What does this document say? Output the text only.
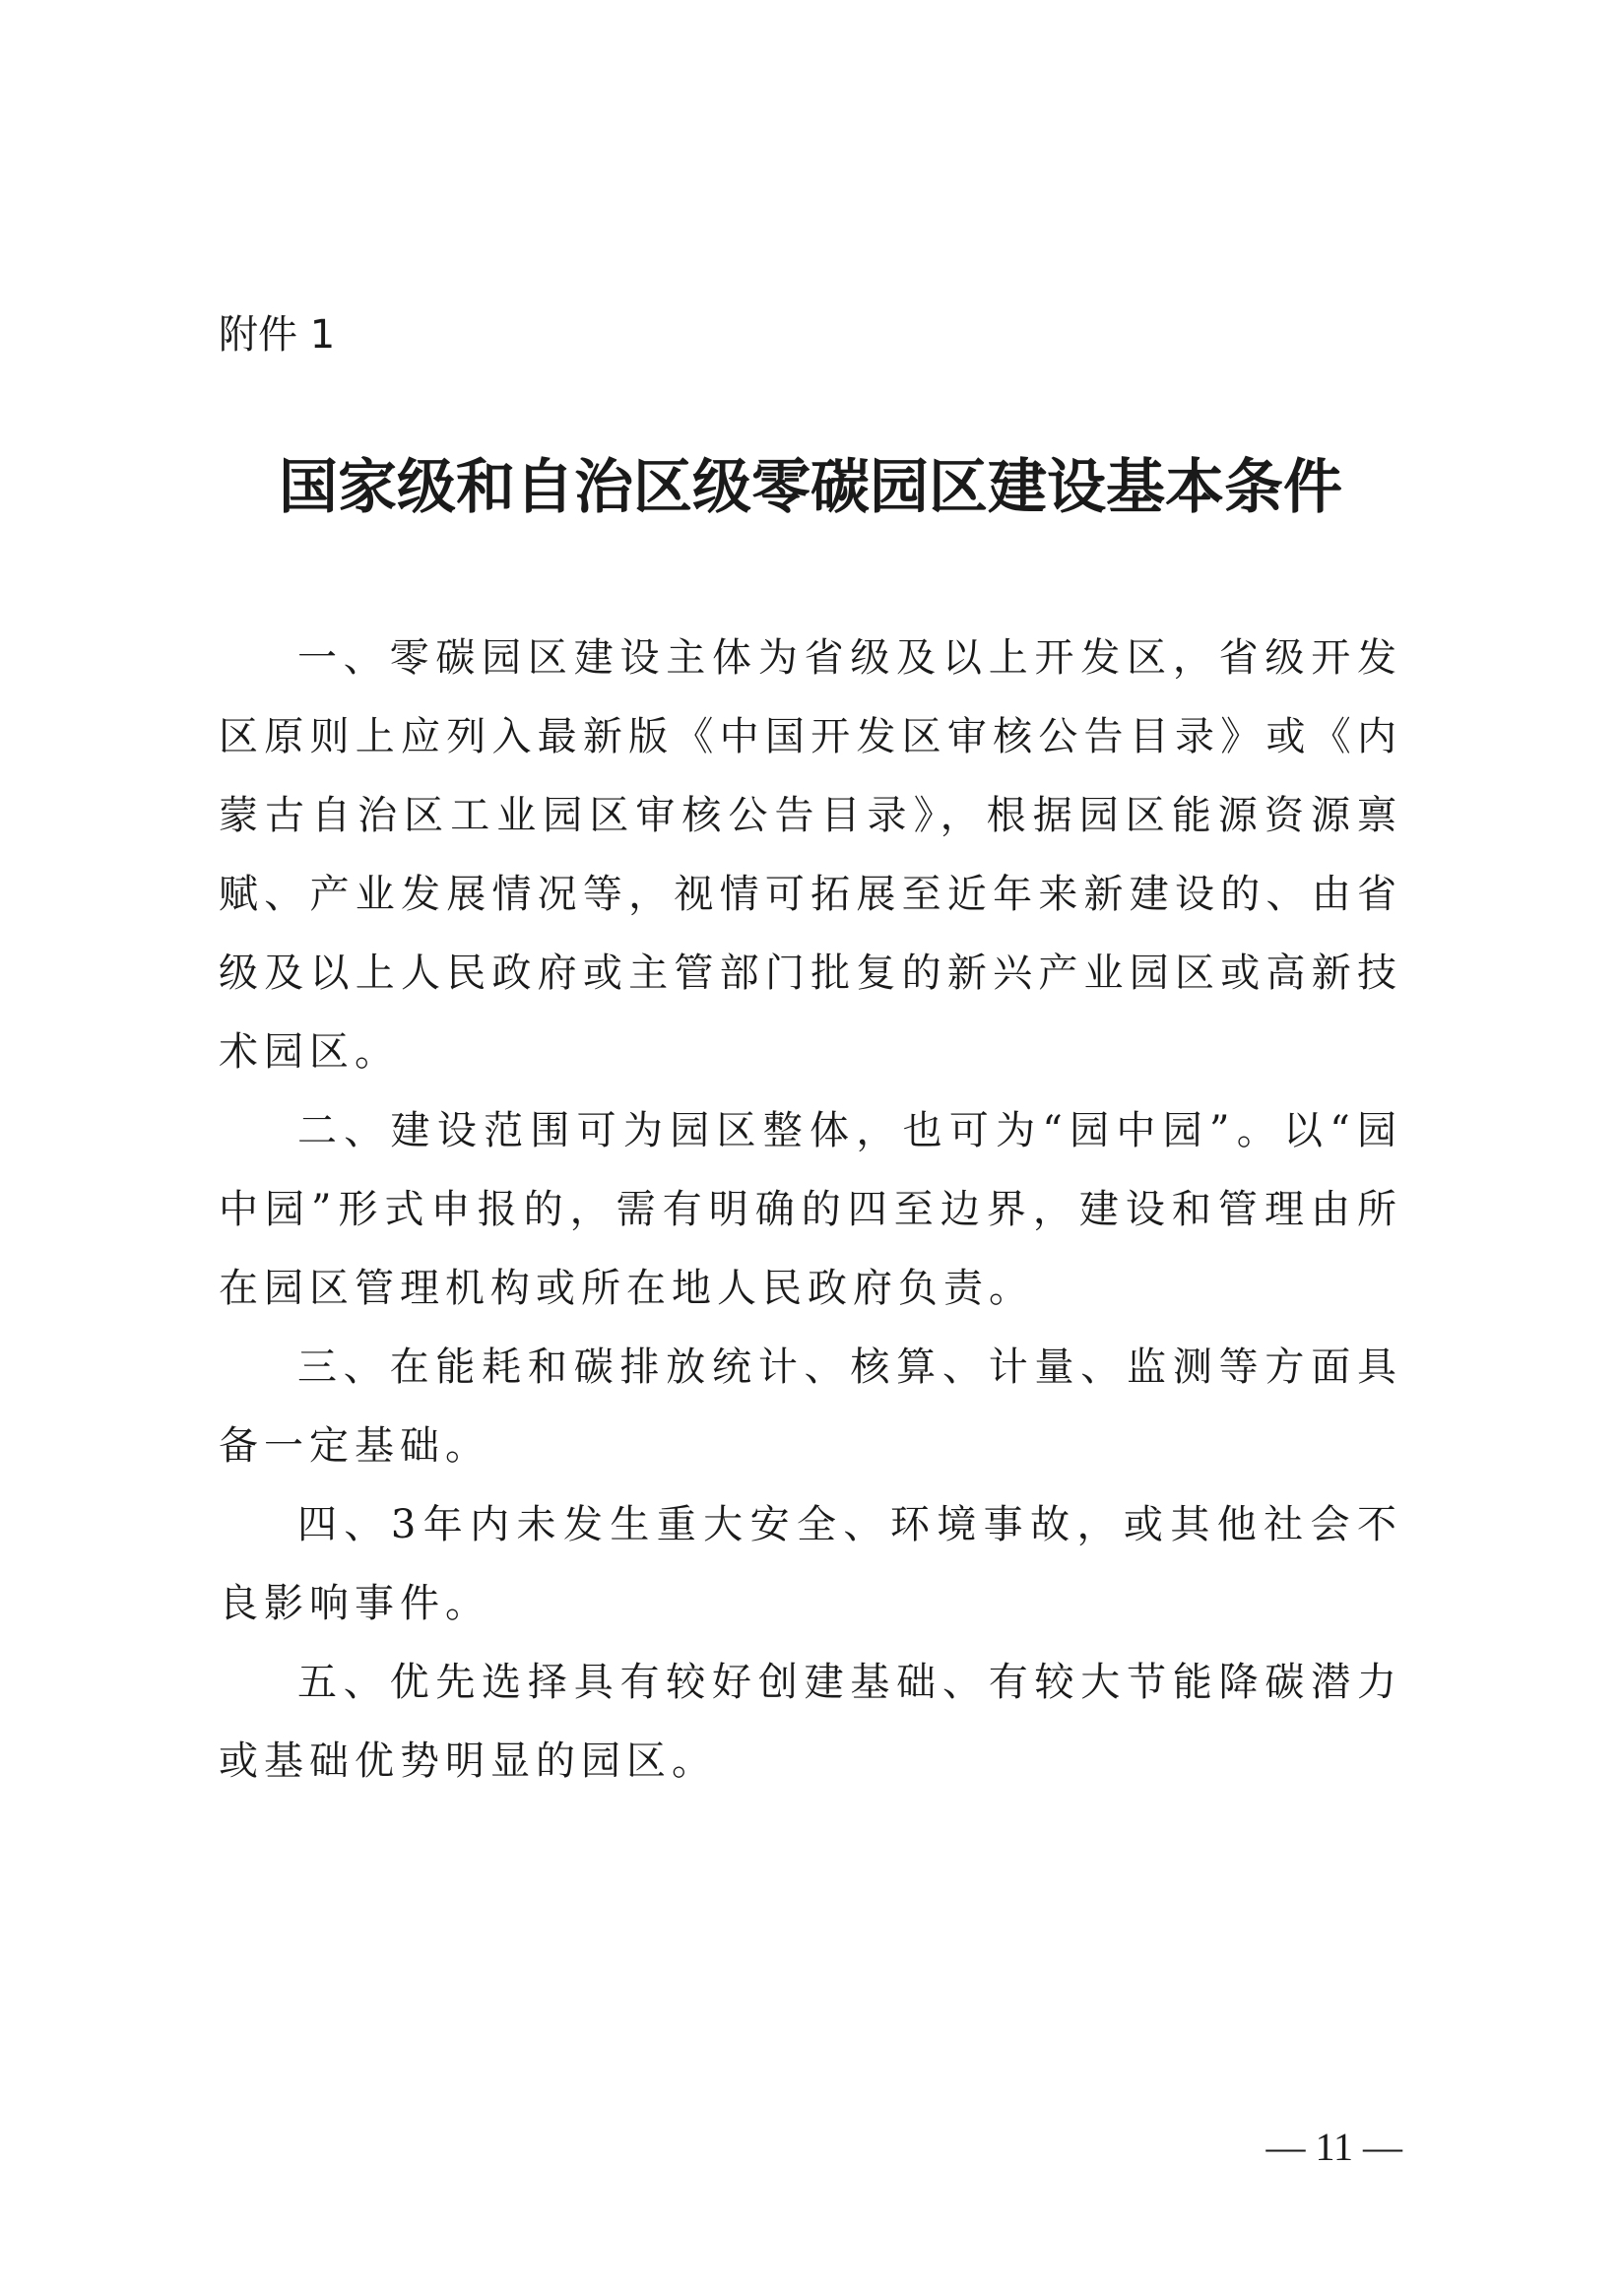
附件 1
国家级和自治区级零碳园区建设基本条件

一、零碳园区建设主体为省级及以上开发区，省级开发区原则上应列入最新版《中国开发区审核公告目录》或《内蒙古自治区工业园区审核公告目录》，根据园区能源资源禀赋、产业发展情况等，视情可拓展至近年来新建设的、由省级及以上人民政府或主管部门批复的新兴产业园区或高新技术园区。

二、建设范围可为园区整体，也可为“园中园”。以“园中园”形式申报的，需有明确的四至边界，建设和管理由所在园区管理机构或所在地人民政府负责。

三、在能耗和碳排放统计、核算、计量、监测等方面具备一定基础。

四、3年内未发生重大安全、环境事故，或其他社会不良影响事件。

五、优先选择具有较好创建基础、有较大节能降碳潜力或基础优势明显的园区。

— 11 —
